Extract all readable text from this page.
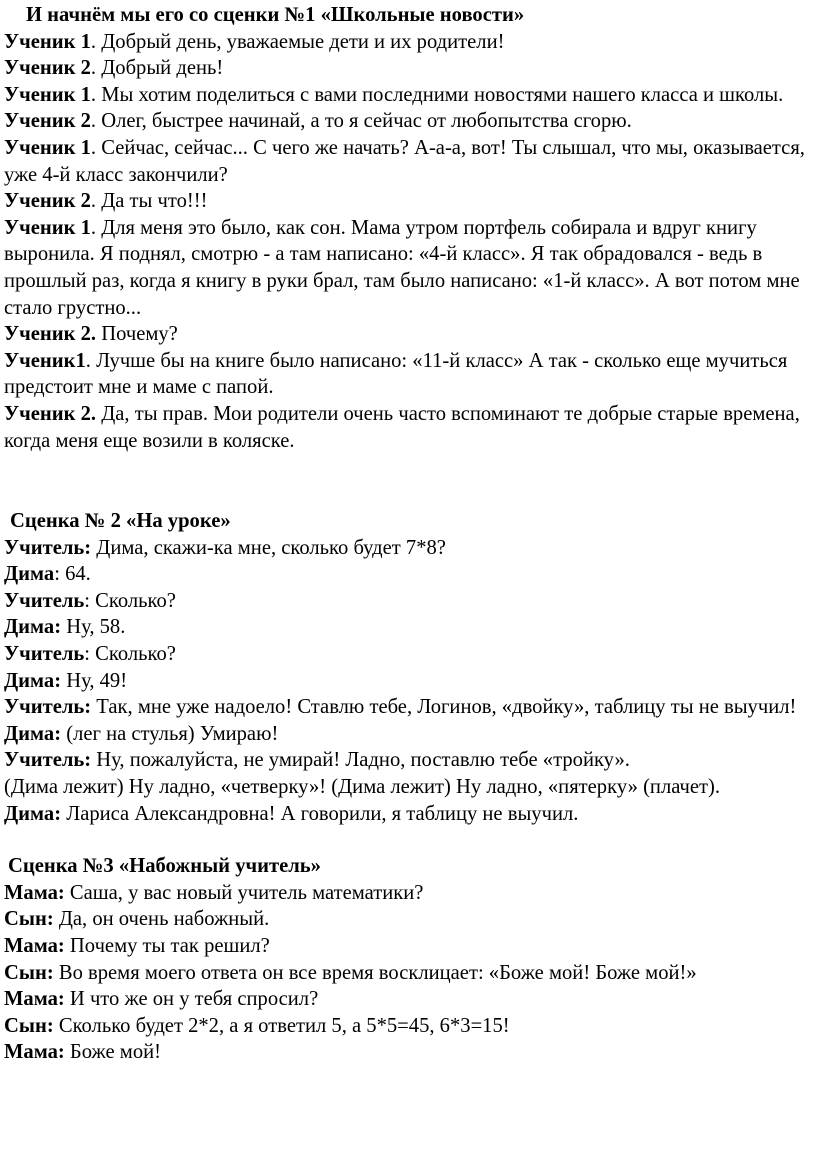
И начнём мы его со сценки №1 «Школьные новости»

Ученик 1. Добрый день, уважаемые дети и их родители!

Ученик 2. Добрый день!

Ученик 1. Мы хотим поделиться с вами последними новостями нашего класса и школы.

Ученик 2. Олег, быстрее начинай, а то я сейчас от любопытства сгорю.

Ученик 1. Сейчас, сейчас... С чего же начать? А-а-а, вот! Ты слышал, что мы, оказывается, уже 4-й класс закончили?

Ученик 2. Да ты что!!!

Ученик 1. Для меня это было, как сон. Мама утром портфель собирала и вдруг книгу выронила. Я поднял, смотрю - а там написано: «4-й класс». Я так обрадовался - ведь в прошлый раз, когда я книгу в руки брал, там было написано: «1-й класс». А вот потом мне стало грустно...

Ученик 2. Почему?

Ученик1. Лучше бы на книге было написано: «11-й класс» А так - сколько еще мучиться предстоит мне и маме с папой.

Ученик 2. Да, ты прав. Мои родители очень часто вспоминают те добрые старые времена, когда меня еще возили в коляске.

Сценка № 2 «На уроке»

Учитель: Дима, скажи-ка мне, сколько будет 7*8?

Дима: 64.

Учитель: Сколько?

Дима: Ну, 58.

Учитель: Сколько?

Дима: Ну, 49!

Учитель: Так, мне уже надоело! Ставлю тебе, Логинов, «двойку», таблицу ты не выучил!

Дима: (лег на стулья) Умираю!

Учитель: Ну, пожалуйста, не умирай! Ладно, поставлю тебе «тройку».

(Дима лежит) Ну ладно, «четверку»! (Дима лежит) Ну ладно, «пятерку» (плачет).

Дима: Лариса Александровна! А говорили, я таблицу не выучил.

Сценка №3 «Набожный учитель»

Мама: Саша, у вас новый учитель математики?

Сын: Да, он очень набожный.

Мама: Почему ты так решил?

Сын: Во время моего ответа он все время восклицает: «Боже мой! Боже мой!»

Мама: И что же он у тебя спросил?

Сын: Сколько будет 2*2, а я ответил 5, а 5*5=45, 6*3=15!

Мама: Боже мой!
